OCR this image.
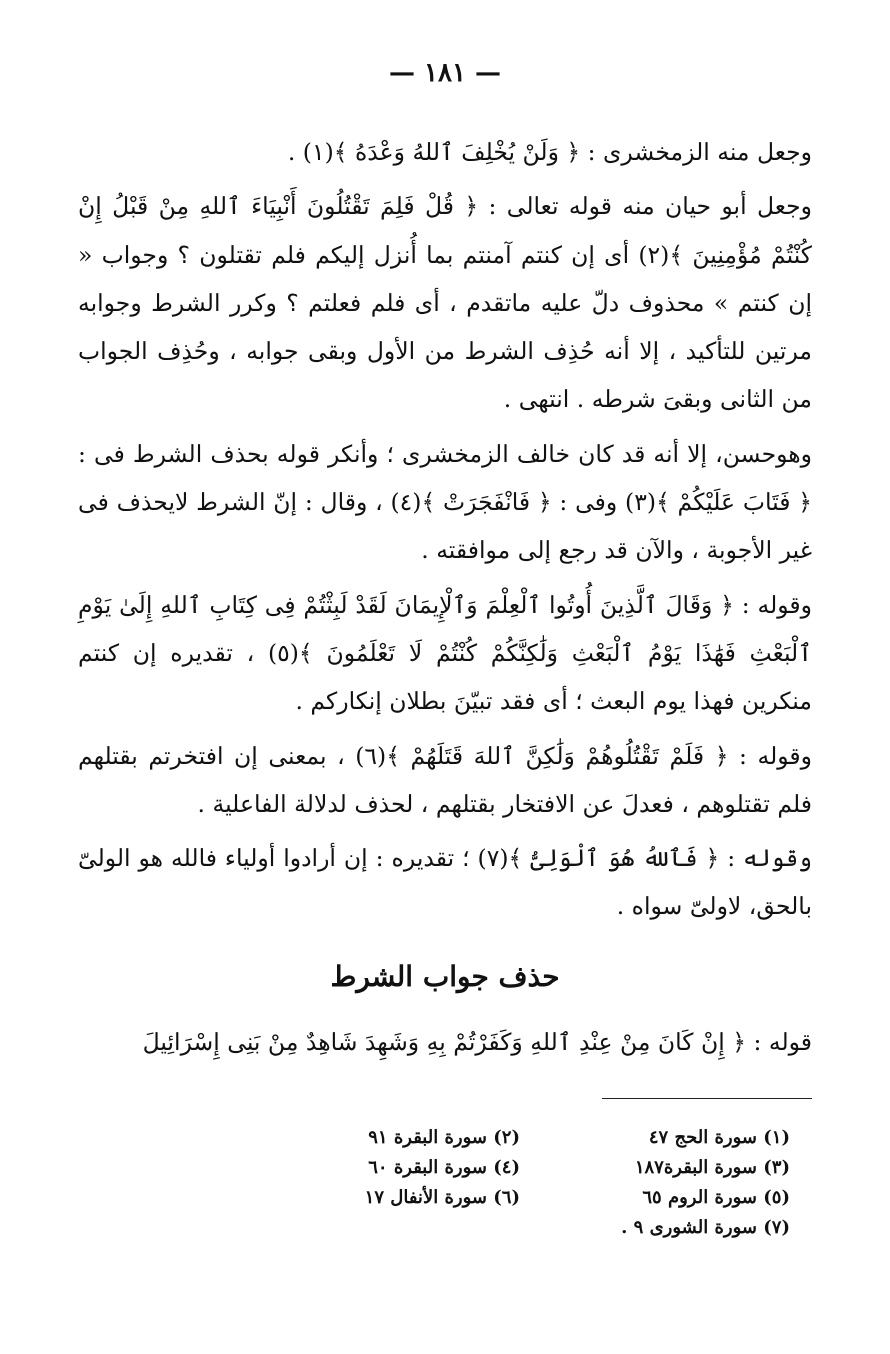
— ١٨١ —

وجعل منه الزمخشرى : ﴿ وَلَنْ يُخْلِفَ ٱللهُ وَعْدَهُ ﴾(١) .

وجعل أبو حيان منه قوله تعالى : ﴿ قُلْ فَلِمَ تَقْتُلُونَ أَنْبِيَاءَ ٱللهِ مِنْ قَبْلُ إِنْ كُنْتُمْ مُؤْمِنِينَ ﴾(٢) أى إن كنتم آمنتم بما أُنزل إليكم فلم تقتلون ؟ وجواب « إن كنتم » محذوف دلّ عليه ماتقدم ، أى فلم فعلتم ؟ وكرر الشرط وجوابه مرتين للتأكيد ، إلا أنه حُذِف الشرط من الأول وبقى جوابه ، وحُذِف الجواب من الثانى وبقىَ شرطه . انتهى .

وهوحسن، إلا أنه قد كان خالف الزمخشرى ؛ وأنكر قوله بحذف الشرط فى : ﴿ فَتَابَ عَلَيْكُمْ ﴾(٣) وفى : ﴿ فَانْفَجَرَتْ ﴾(٤) ، وقال : إنّ الشرط لايحذف فى غير الأجوبة ، والآن قد رجع إلى موافقته .

وقوله : ﴿ وَقَالَ ٱلَّذِينَ أُوتُوا ٱلْعِلْمَ وَٱلْإِيمَانَ لَقَدْ لَبِثْتُمْ فِى كِتَابِ ٱللهِ إِلَىٰ يَوْمِ ٱلْبَعْثِ فَهَٰذَا يَوْمُ ٱلْبَعْثِ وَلَٰكِنَّكُمْ كُنْتُمْ لَا تَعْلَمُونَ ﴾(٥) ، تقديره إن كنتم منكرين فهذا يوم البعث ؛ أى فقد تبيّنَ بطلان إنكاركم .

وقوله : ﴿ فَلَمْ تَقْتُلُوهُمْ وَلَٰكِنَّ ٱللهَ قَتَلَهُمْ ﴾(٦) ، بمعنى إن افتخرتم بقتلهم فلم تقتلوهم ، فعدلَ عن الافتخار بقتلهم ، لحذف لدلالة الفاعلية .

وقوله : ﴿ فَٱللهُ هُوَ ٱلْوَلِىُّ ﴾(٧) ؛ تقديره : إن أرادوا أولياء فالله هو الولىّ بالحق، لاولىّ سواه .

حذف جواب الشرط
قوله : ﴿ إِنْ كَانَ مِنْ عِنْدِ ٱللهِ وَكَفَرْتُمْ بِهِ وَشَهِدَ شَاهِدٌ مِنْ بَنِى إِسْرَائِيلَ
(١) سورة الحج ٤٧
(٢) سورة البقرة ٩١
(٣) سورة البقرة١٨٧
(٤) سورة البقرة ٦٠
(٥) سورة الروم ٦٥
(٦) سورة الأنفال ١٧
(٧) سورة الشورى ٩ .
